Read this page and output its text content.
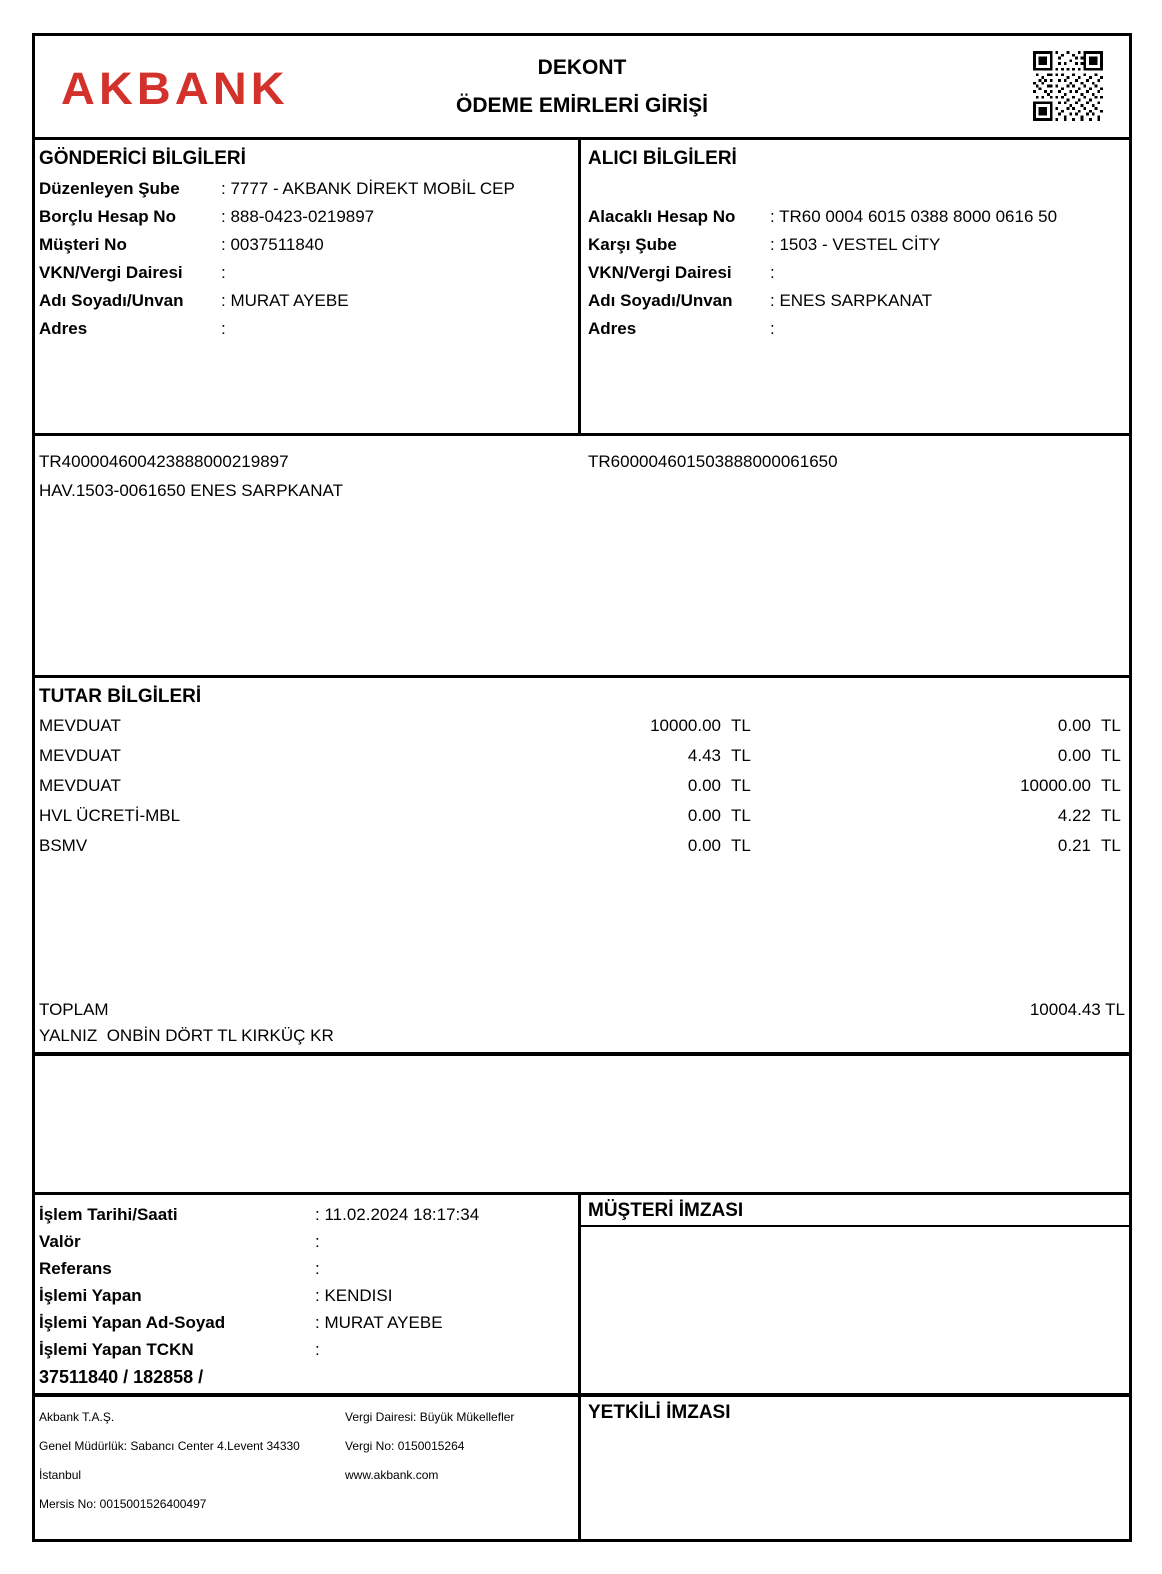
AKBANK	DEKONT
ÖDEME EMİRLERİ GİRİŞİ
GÖNDERİCİ BİLGİLERİ
Düzenleyen Şube	: 7777 - AKBANK DİREKT MOBİL CEP
Borçlu Hesap No	: 888-0423-0219897
Müşteri No	: 0037511840
VKN/Vergi Dairesi	:
Adı Soyadı/Unvan	: MURAT AYEBE
Adres	:
ALICI BİLGİLERİ
Alacaklı Hesap No	: TR60 0004 6015 0388 8000 0616 50
Karşı Şube	: 1503 - VESTEL CİTY
VKN/Vergi Dairesi	:
Adı Soyadı/Unvan	: ENES SARPKANAT
Adres	:
TR400004600423888000219897
HAV.1503-0061650 ENES SARPKANAT
TR600004601503888000061650
TUTAR BİLGİLERİ
MEVDUAT	10000.00 TL	0.00 TL
MEVDUAT	4.43 TL	0.00 TL
MEVDUAT	0.00 TL	10000.00 TL
HVL ÜCRETİ-MBL	0.00 TL	4.22 TL
BSMV	0.00 TL	0.21 TL
TOPLAM	10004.43 TL
YALNIZ  ONBİN DÖRT TL KIRKÜÇ KR
İşlem Tarihi/Saati	: 11.02.2024 18:17:34
Valör	:
Referans	:
İşlemi Yapan	: KENDISI
İşlemi Yapan Ad-Soyad	: MURAT AYEBE
İşlemi Yapan TCKN	:
37511840 / 182858 /
MÜŞTERİ İMZASI
Akbank T.A.Ş.
Genel Müdürlük: Sabancı Center 4.Levent 34330
İstanbul
Mersis No: 0015001526400497
Vergi Dairesi: Büyük Mükellefler
Vergi No: 0150015264
www.akbank.com
YETKİLİ İMZASI
